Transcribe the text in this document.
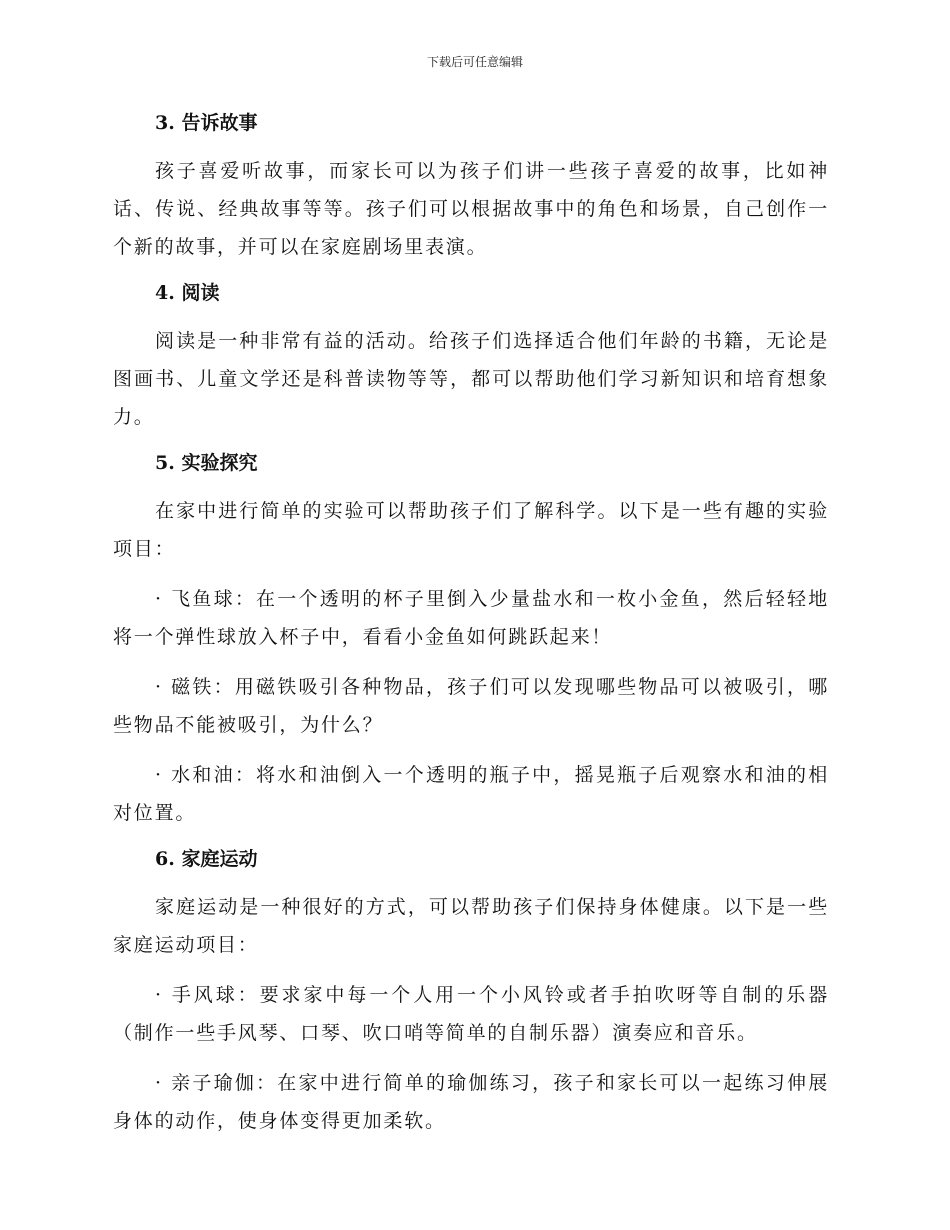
下载后可任意编辑
3. 告诉故事

孩子喜爱听故事，而家长可以为孩子们讲一些孩子喜爱的故事，比如神话、传说、经典故事等等。孩子们可以根据故事中的角色和场景，自己创作一个新的故事，并可以在家庭剧场里表演。

4. 阅读

阅读是一种非常有益的活动。给孩子们选择适合他们年龄的书籍，无论是图画书、儿童文学还是科普读物等等，都可以帮助他们学习新知识和培育想象力。

5. 实验探究

在家中进行简单的实验可以帮助孩子们了解科学。以下是一些有趣的实验项目：

· 飞鱼球：在一个透明的杯子里倒入少量盐水和一枚小金鱼，然后轻轻地将一个弹性球放入杯子中，看看小金鱼如何跳跃起来！

· 磁铁：用磁铁吸引各种物品，孩子们可以发现哪些物品可以被吸引，哪些物品不能被吸引，为什么？

· 水和油：将水和油倒入一个透明的瓶子中，摇晃瓶子后观察水和油的相对位置。

6. 家庭运动

家庭运动是一种很好的方式，可以帮助孩子们保持身体健康。以下是一些家庭运动项目：

· 手风球：要求家中每一个人用一个小风铃或者手拍吹呀等自制的乐器（制作一些手风琴、口琴、吹口哨等简单的自制乐器）演奏应和音乐。

· 亲子瑜伽：在家中进行简单的瑜伽练习，孩子和家长可以一起练习伸展身体的动作，使身体变得更加柔软。
